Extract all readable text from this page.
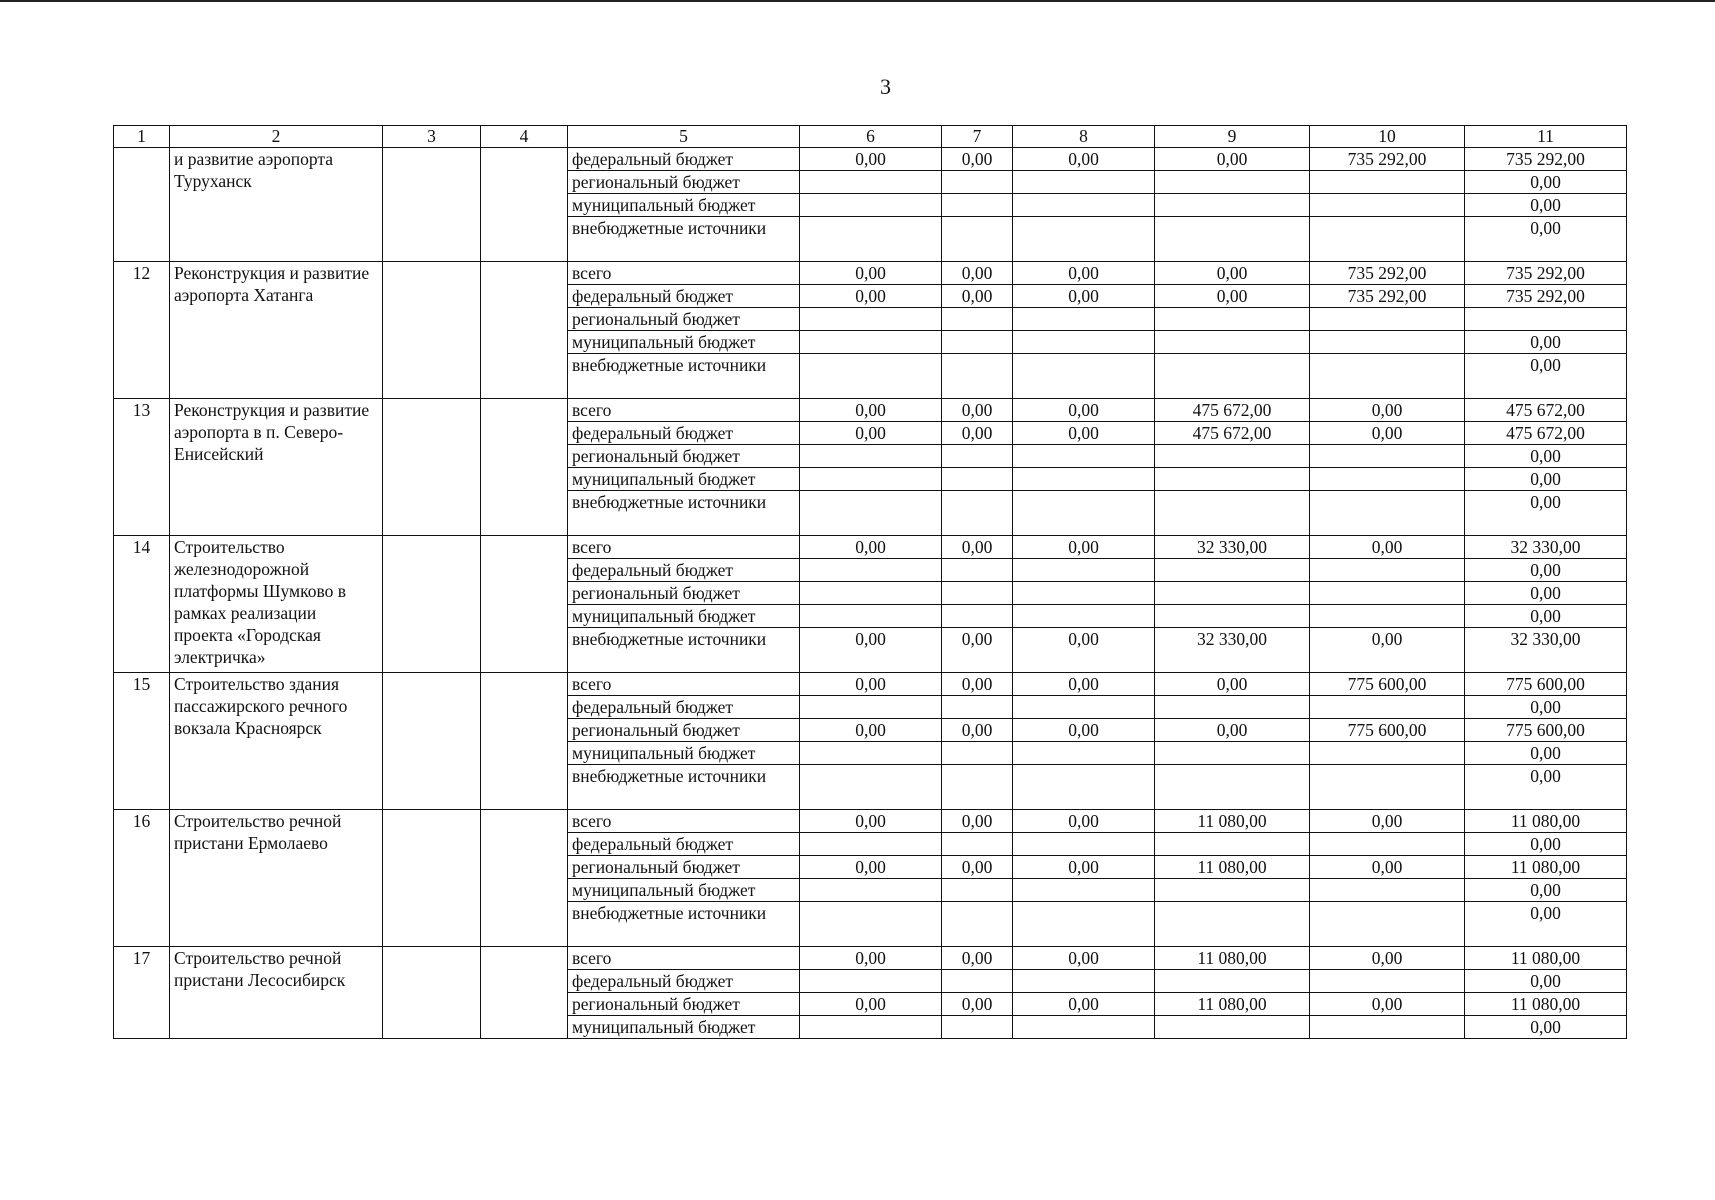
3
1	2	3	4	5	6	7	8	9	10	11
	и развитие аэропорта Туруханск			федеральный бюджет	0,00	0,00	0,00	0,00	735 292,00	735 292,00
				региональный бюджет						0,00
				муниципальный бюджет						0,00
				внебюджетные источники						0,00
12	Реконструкция и развитие аэропорта Хатанга			всего	0,00	0,00	0,00	0,00	735 292,00	735 292,00
				федеральный бюджет	0,00	0,00	0,00	0,00	735 292,00	735 292,00
				региональный бюджет						
				муниципальный бюджет						0,00
				внебюджетные источники						0,00
13	Реконструкция и развитие аэропорта в п. Северо-Енисейский			всего	0,00	0,00	0,00	475 672,00	0,00	475 672,00
				федеральный бюджет	0,00	0,00	0,00	475 672,00	0,00	475 672,00
				региональный бюджет						0,00
				муниципальный бюджет						0,00
				внебюджетные источники						0,00
14	Строительство железнодорожной платформы Шумково в рамках реализации проекта «Городская электричка»			всего	0,00	0,00	0,00	32 330,00	0,00	32 330,00
				федеральный бюджет						0,00
				региональный бюджет						0,00
				муниципальный бюджет						0,00
				внебюджетные источники	0,00	0,00	0,00	32 330,00	0,00	32 330,00
15	Строительство здания пассажирского речного вокзала Красноярск			всего	0,00	0,00	0,00	0,00	775 600,00	775 600,00
				федеральный бюджет						0,00
				региональный бюджет	0,00	0,00	0,00	0,00	775 600,00	775 600,00
				муниципальный бюджет						0,00
				внебюджетные источники						0,00
16	Строительство речной пристани Ермолаево			всего	0,00	0,00	0,00	11 080,00	0,00	11 080,00
				федеральный бюджет						0,00
				региональный бюджет	0,00	0,00	0,00	11 080,00	0,00	11 080,00
				муниципальный бюджет						0,00
				внебюджетные источники						0,00
17	Строительство речной пристани Лесосибирск			всего	0,00	0,00	0,00	11 080,00	0,00	11 080,00
				федеральный бюджет						0,00
				региональный бюджет	0,00	0,00	0,00	11 080,00	0,00	11 080,00
				муниципальный бюджет						0,00
